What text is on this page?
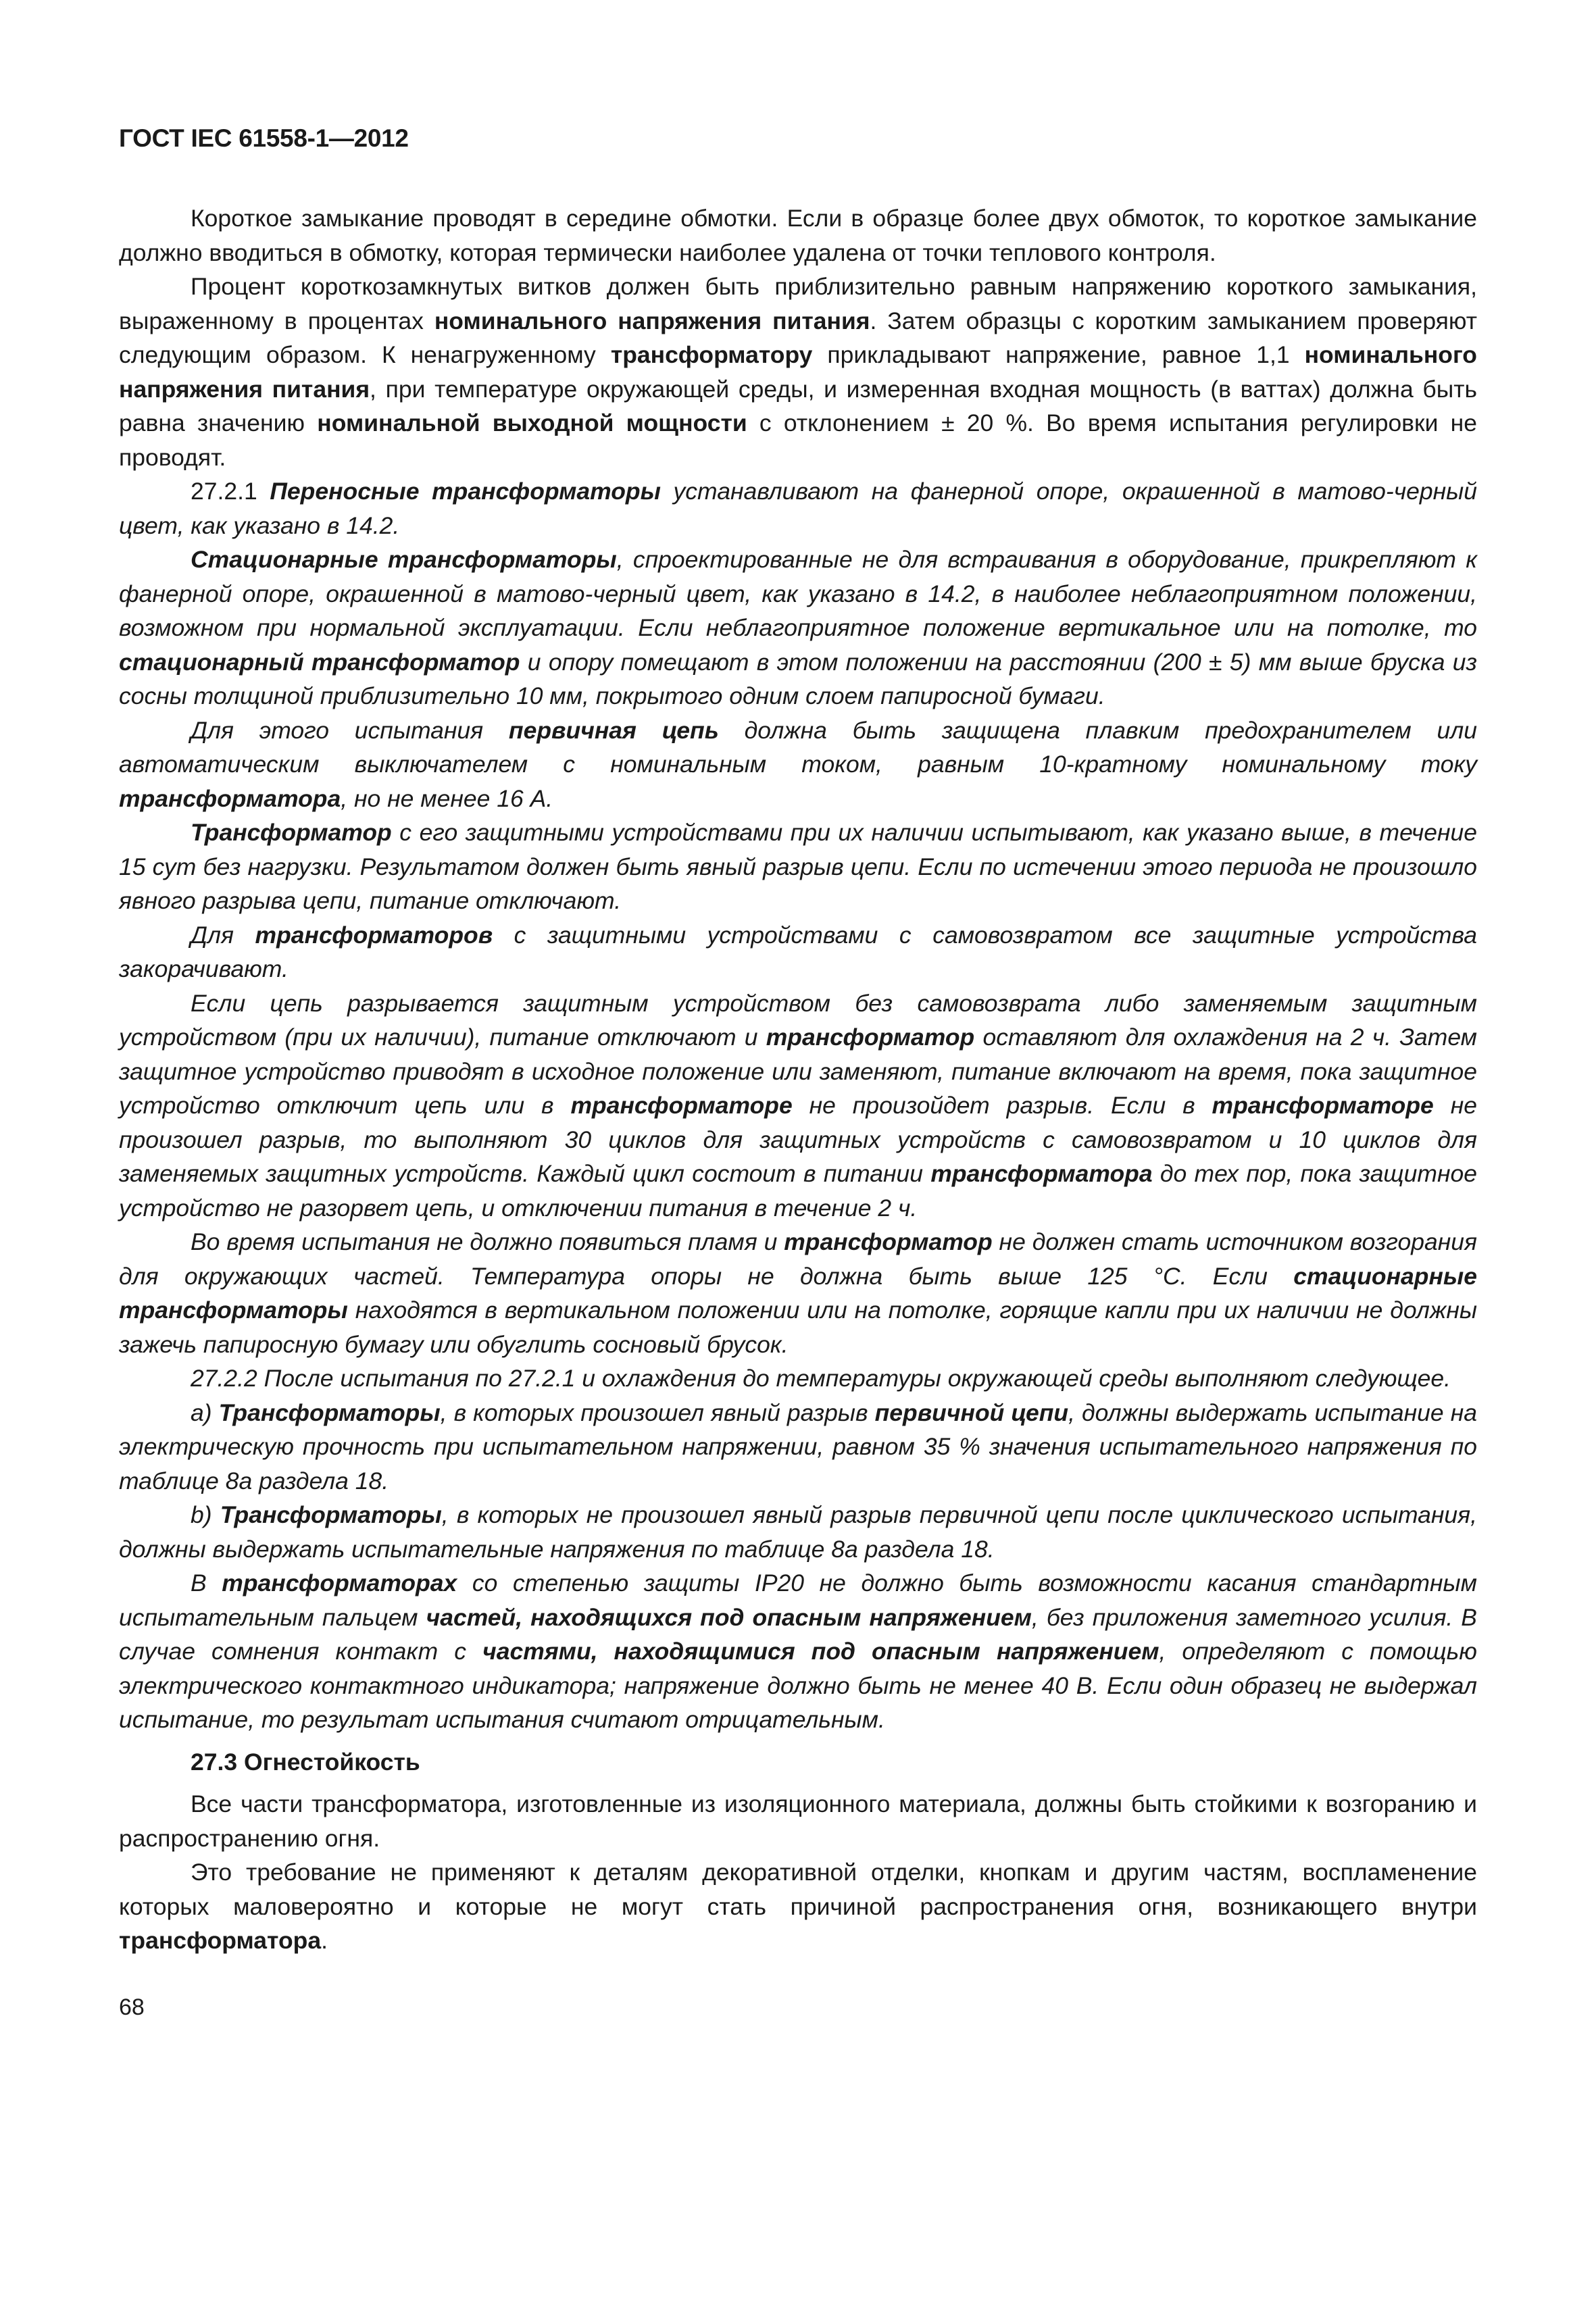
ГОСТ IEC 61558-1—2012

Короткое замыкание проводят в середине обмотки. Если в образце более двух обмоток, то короткое замыкание должно вводиться в обмотку, которая термически наиболее удалена от точки теплового контроля.

Процент короткозамкнутых витков должен быть приблизительно равным напряжению короткого замыкания, выраженному в процентах номинального напряжения питания. Затем образцы с коротким замыканием проверяют следующим образом. К ненагруженному трансформатору прикладывают напряжение, равное 1,1 номинального напряжения питания, при температуре окружающей среды, и измеренная входная мощность (в ваттах) должна быть равна значению номинальной выходной мощности с отклонением ± 20 %. Во время испытания регулировки не проводят.

27.2.1 Переносные трансформаторы устанавливают на фанерной опоре, окрашенной в матово-черный цвет, как указано в 14.2.

Стационарные трансформаторы, спроектированные не для встраивания в оборудование, прикрепляют к фанерной опоре, окрашенной в матово-черный цвет, как указано в 14.2, в наиболее неблагоприятном положении, возможном при нормальной эксплуатации. Если неблагоприятное положение вертикальное или на потолке, то стационарный трансформатор и опору помещают в этом положении на расстоянии (200 ± 5) мм выше бруска из сосны толщиной приблизительно 10 мм, покрытого одним слоем папиросной бумаги.

Для этого испытания первичная цепь должна быть защищена плавким предохранителем или автоматическим выключателем с номинальным током, равным 10-кратному номинальному току трансформатора, но не менее 16 А.

Трансформатор с его защитными устройствами при их наличии испытывают, как указано выше, в течение 15 сут без нагрузки. Результатом должен быть явный разрыв цепи. Если по истечении этого периода не произошло явного разрыва цепи, питание отключают.

Для трансформаторов с защитными устройствами с самовозвратом все защитные устройства закорачивают.

Если цепь разрывается защитным устройством без самовозврата либо заменяемым защитным устройством (при их наличии), питание отключают и трансформатор оставляют для охлаждения на 2 ч. Затем защитное устройство приводят в исходное положение или заменяют, питание включают на время, пока защитное устройство отключит цепь или в трансформаторе не произойдет разрыв. Если в трансформаторе не произошел разрыв, то выполняют 30 циклов для защитных устройств с самовозвратом и 10 циклов для заменяемых защитных устройств. Каждый цикл состоит в питании трансформатора до тех пор, пока защитное устройство не разорвет цепь, и отключении питания в течение 2 ч.

Во время испытания не должно появиться пламя и трансформатор не должен стать источником возгорания для окружающих частей. Температура опоры не должна быть выше 125 °С. Если стационарные трансформаторы находятся в вертикальном положении или на потолке, горящие капли при их наличии не должны зажечь папиросную бумагу или обуглить сосновый брусок.

27.2.2 После испытания по 27.2.1 и охлаждения до температуры окружающей среды выполняют следующее.

a) Трансформаторы, в которых произошел явный разрыв первичной цепи, должны выдержать испытание на электрическую прочность при испытательном напряжении, равном 35 % значения испытательного напряжения по таблице 8а раздела 18.

b) Трансформаторы, в которых не произошел явный разрыв первичной цепи после циклического испытания, должны выдержать испытательные напряжения по таблице 8а раздела 18.

В трансформаторах со степенью защиты IP20 не должно быть возможности касания стандартным испытательным пальцем частей, находящихся под опасным напряжением, без приложения заметного усилия. В случае сомнения контакт с частями, находящимися под опасным напряжением, определяют с помощью электрического контактного индикатора; напряжение должно быть не менее 40 В. Если один образец не выдержал испытание, то результат испытания считают отрицательным.

27.3 Огнестойкость

Все части трансформатора, изготовленные из изоляционного материала, должны быть стойкими к возгоранию и распространению огня.

Это требование не применяют к деталям декоративной отделки, кнопкам и другим частям, воспламенение которых маловероятно и которые не могут стать причиной распространения огня, возникающего внутри трансформатора.

68
